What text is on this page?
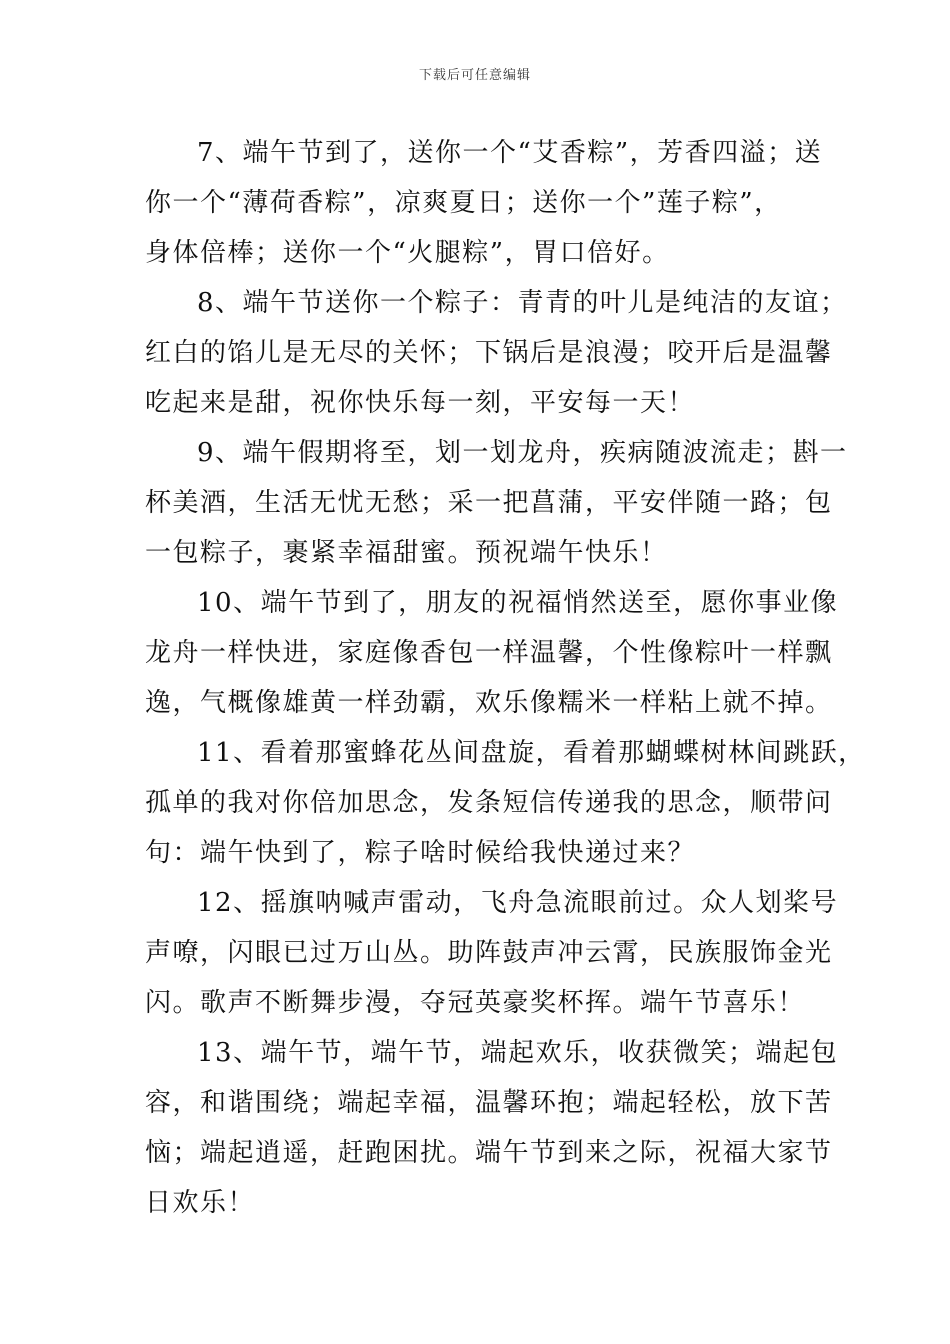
下载后可任意编辑

7、端午节到了，送你一个“艾香粽”，芳香四溢；送
你一个“薄荷香粽”，凉爽夏日；送你一个”莲子粽”，
身体倍棒；送你一个“火腿粽”，胃口倍好。

8、端午节送你一个粽子：青青的叶儿是纯洁的友谊；
红白的馅儿是无尽的关怀；下锅后是浪漫；咬开后是温馨
吃起来是甜，祝你快乐每一刻，平安每一天！

9、端午假期将至，划一划龙舟，疾病随波流走；斟一
杯美酒，生活无忧无愁；采一把菖蒲，平安伴随一路；包
一包粽子，裹紧幸福甜蜜。预祝端午快乐！

10、端午节到了，朋友的祝福悄然送至，愿你事业像
龙舟一样快进，家庭像香包一样温馨，个性像粽叶一样飘
逸，气概像雄黄一样劲霸，欢乐像糯米一样粘上就不掉。

11、看着那蜜蜂花丛间盘旋，看着那蝴蝶树林间跳跃，
孤单的我对你倍加思念，发条短信传递我的思念，顺带问
句：端午快到了，粽子啥时候给我快递过来？

12、摇旗呐喊声雷动，飞舟急流眼前过。众人划桨号
声嘹，闪眼已过万山丛。助阵鼓声冲云霄，民族服饰金光
闪。歌声不断舞步漫，夺冠英豪奖杯挥。端午节喜乐！

13、端午节，端午节，端起欢乐，收获微笑；端起包
容，和谐围绕；端起幸福，温馨环抱；端起轻松，放下苦
恼；端起逍遥，赶跑困扰。端午节到来之际，祝福大家节
日欢乐！
